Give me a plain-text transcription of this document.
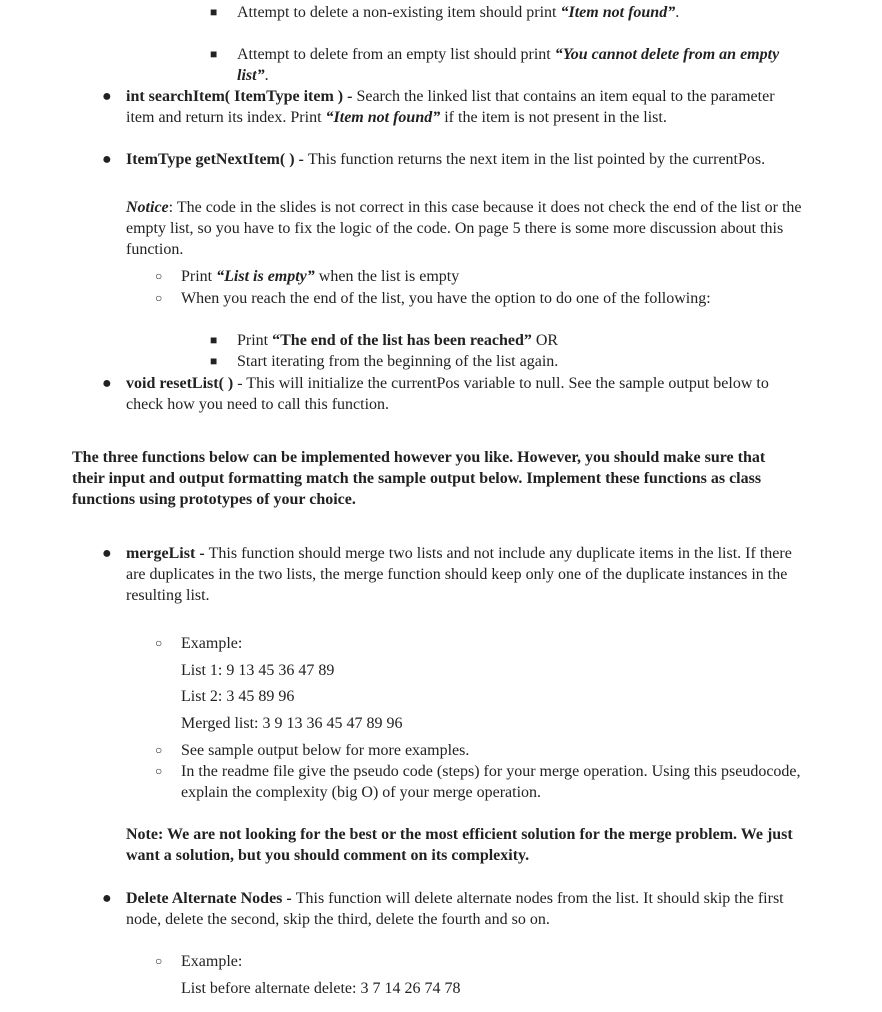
■ Attempt to delete a non-existing item should print “Item not found”.
■ Attempt to delete from an empty list should print “You cannot delete from an empty list”.
● int searchItem( ItemType item ) - Search the linked list that contains an item equal to the parameter item and return its index. Print “Item not found” if the item is not present in the list.
● ItemType getNextItem( ) - This function returns the next item in the list pointed by the currentPos.
Notice: The code in the slides is not correct in this case because it does not check the end of the list or the empty list, so you have to fix the logic of the code. On page 5 there is some more discussion about this function.
○ Print “List is empty” when the list is empty
○ When you reach the end of the list, you have the option to do one of the following:
■ Print “The end of the list has been reached” OR
■ Start iterating from the beginning of the list again.
● void resetList( ) - This will initialize the currentPos variable to null. See the sample output below to check how you need to call this function.
The three functions below can be implemented however you like. However, you should make sure that their input and output formatting match the sample output below. Implement these functions as class functions using prototypes of your choice.
● mergeList - This function should merge two lists and not include any duplicate items in the list. If there are duplicates in the two lists, the merge function should keep only one of the duplicate instances in the resulting list.
○ Example:
List 1: 9 13 45 36 47 89
List 2: 3 45 89 96
Merged list: 3 9 13 36 45 47 89 96
○ See sample output below for more examples.
○ In the readme file give the pseudo code (steps) for your merge operation. Using this pseudocode, explain the complexity (big O) of your merge operation.
Note: We are not looking for the best or the most efficient solution for the merge problem. We just want a solution, but you should comment on its complexity.
● Delete Alternate Nodes - This function will delete alternate nodes from the list. It should skip the first node, delete the second, skip the third, delete the fourth and so on.
○ Example:
List before alternate delete: 3 7 14 26 74 78
